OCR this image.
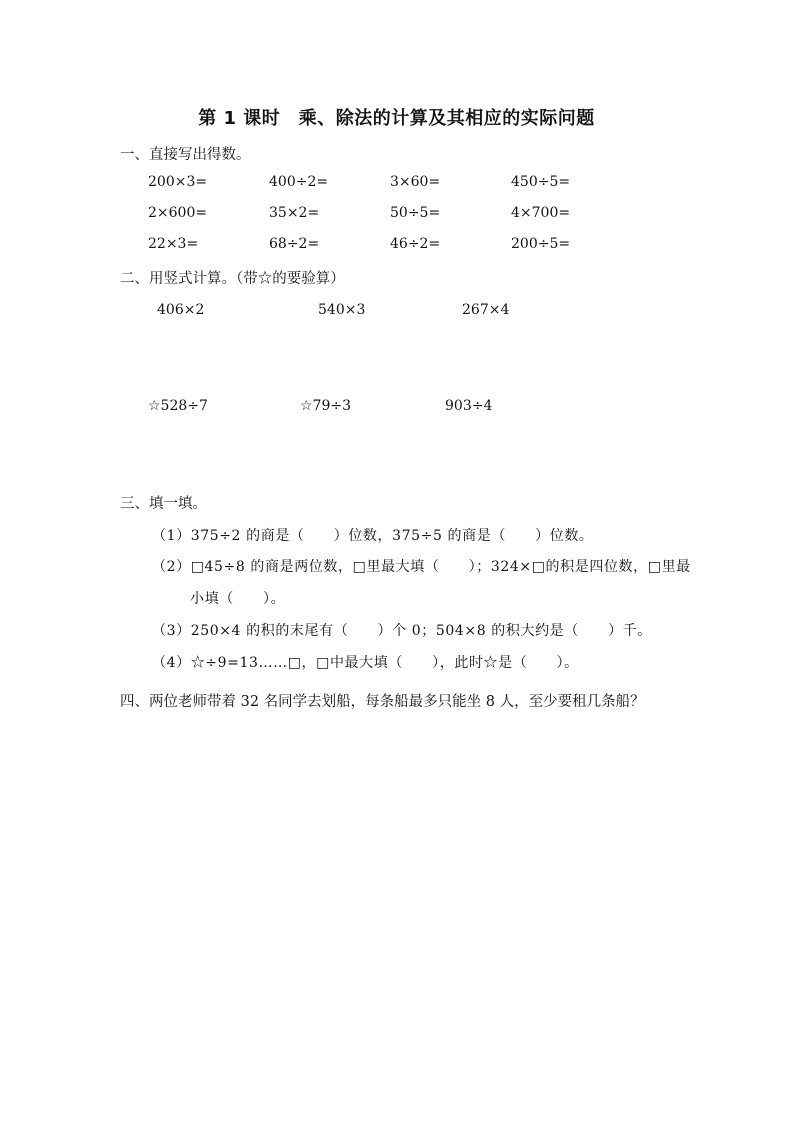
第 1 课时　乘、除法的计算及其相应的实际问题
一、直接写出得数。
200×3=	400÷2=	3×60=	450÷5=
2×600=	35×2=	50÷5=	4×700=
22×3=	68÷2=	46÷2=	200÷5=
二、用竖式计算。（带☆的要验算）
406×2	540×3	267×4
☆528÷7	☆79÷3	903÷4
三、填一填。
（1）375÷2 的商是（　　）位数，375÷5 的商是（　　）位数。
（2）□45÷8 的商是两位数，□里最大填（　　）；324×□的积是四位数，□里最
小填（　　）。
（3）250×4 的积的末尾有（　　）个 0；504×8 的积大约是（　　）千。
（4）☆÷9=13……□，□中最大填（　　），此时☆是（　　）。
四、两位老师带着 32 名同学去划船，每条船最多只能坐 8 人，至少要租几条船？
